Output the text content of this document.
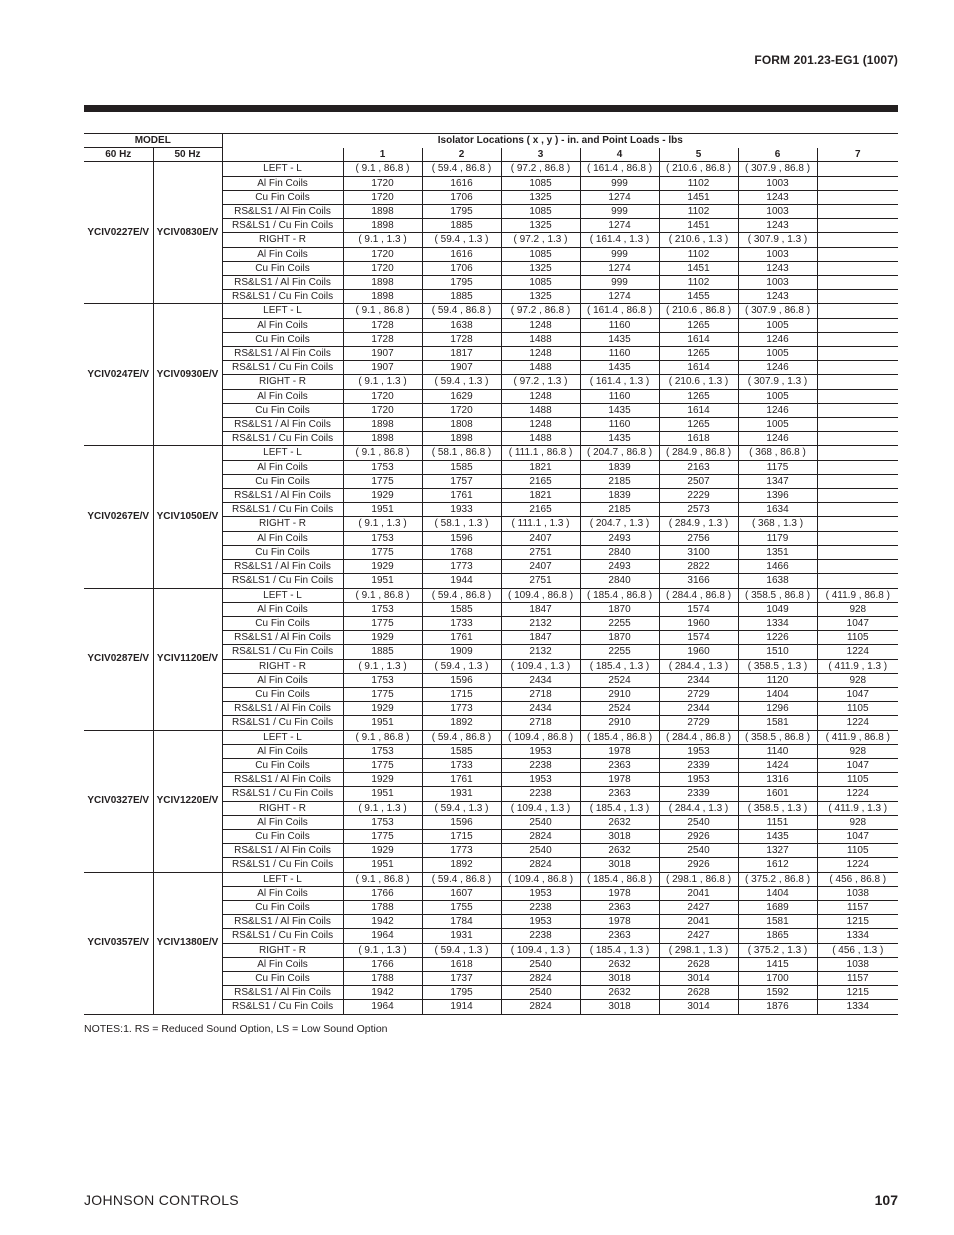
FORM 201.23-EG1 (1007)
MODEL		Isolator Locations ( x , y ) - in. and Point Loads - lbs							
60 Hz	50 Hz		1	2	3	4	5	6	7
YCIV0227E/V	YCIV0830E/V	LEFT - L	( 9.1 , 86.8 )	( 59.4 , 86.8 )	( 97.2 , 86.8 )	( 161.4 , 86.8 )	( 210.6 , 86.8 )	( 307.9 , 86.8 )	
		Al Fin Coils	1720	1616	1085	999	1102	1003	
		Cu Fin Coils	1720	1706	1325	1274	1451	1243	
		RS&LS1 / Al Fin Coils	1898	1795	1085	999	1102	1003	
		RS&LS1 / Cu Fin Coils	1898	1885	1325	1274	1451	1243	
		RIGHT - R	( 9.1 , 1.3 )	( 59.4 , 1.3 )	( 97.2 , 1.3 )	( 161.4 , 1.3 )	( 210.6 , 1.3 )	( 307.9 , 1.3 )	
		Al Fin Coils	1720	1616	1085	999	1102	1003	
		Cu Fin Coils	1720	1706	1325	1274	1451	1243	
		RS&LS1 / Al Fin Coils	1898	1795	1085	999	1102	1003	
		RS&LS1 / Cu Fin Coils	1898	1885	1325	1274	1455	1243	
YCIV0247E/V	YCIV0930E/V	LEFT - L	( 9.1 , 86.8 )	( 59.4 , 86.8 )	( 97.2 , 86.8 )	( 161.4 , 86.8 )	( 210.6 , 86.8 )	( 307.9 , 86.8 )	
		Al Fin Coils	1728	1638	1248	1160	1265	1005	
		Cu Fin Coils	1728	1728	1488	1435	1614	1246	
		RS&LS1 / Al Fin Coils	1907	1817	1248	1160	1265	1005	
		RS&LS1 / Cu Fin Coils	1907	1907	1488	1435	1614	1246	
		RIGHT - R	( 9.1 , 1.3 )	( 59.4 , 1.3 )	( 97.2 , 1.3 )	( 161.4 , 1.3 )	( 210.6 , 1.3 )	( 307.9 , 1.3 )	
		Al Fin Coils	1720	1629	1248	1160	1265	1005	
		Cu Fin Coils	1720	1720	1488	1435	1614	1246	
		RS&LS1 / Al Fin Coils	1898	1808	1248	1160	1265	1005	
		RS&LS1 / Cu Fin Coils	1898	1898	1488	1435	1618	1246	
YCIV0267E/V	YCIV1050E/V	LEFT - L	( 9.1 , 86.8 )	( 58.1 , 86.8 )	( 111.1 , 86.8 )	( 204.7 , 86.8 )	( 284.9 , 86.8 )	( 368 , 86.8 )	
		Al Fin Coils	1753	1585	1821	1839	2163	1175	
		Cu Fin Coils	1775	1757	2165	2185	2507	1347	
		RS&LS1 / Al Fin Coils	1929	1761	1821	1839	2229	1396	
		RS&LS1 / Cu Fin Coils	1951	1933	2165	2185	2573	1634	
		RIGHT - R	( 9.1 , 1.3 )	( 58.1 , 1.3 )	( 111.1 , 1.3 )	( 204.7 , 1.3 )	( 284.9 , 1.3 )	( 368 , 1.3 )	
		Al Fin Coils	1753	1596	2407	2493	2756	1179	
		Cu Fin Coils	1775	1768	2751	2840	3100	1351	
		RS&LS1 / Al Fin Coils	1929	1773	2407	2493	2822	1466	
		RS&LS1 / Cu Fin Coils	1951	1944	2751	2840	3166	1638	
YCIV0287E/V	YCIV1120E/V	LEFT - L	( 9.1 , 86.8 )	( 59.4 , 86.8 )	( 109.4 , 86.8 )	( 185.4 , 86.8 )	( 284.4 , 86.8 )	( 358.5 , 86.8 )	( 411.9 , 86.8 )
		Al Fin Coils	1753	1585	1847	1870	1574	1049	928
		Cu Fin Coils	1775	1733	2132	2255	1960	1334	1047
		RS&LS1 / Al Fin Coils	1929	1761	1847	1870	1574	1226	1105
		RS&LS1 / Cu Fin Coils	1885	1909	2132	2255	1960	1510	1224
		RIGHT - R	( 9.1 , 1.3 )	( 59.4 , 1.3 )	( 109.4 , 1.3 )	( 185.4 , 1.3 )	( 284.4 , 1.3 )	( 358.5 , 1.3 )	( 411.9 , 1.3 )
		Al Fin Coils	1753	1596	2434	2524	2344	1120	928
		Cu Fin Coils	1775	1715	2718	2910	2729	1404	1047
		RS&LS1 / Al Fin Coils	1929	1773	2434	2524	2344	1296	1105
		RS&LS1 / Cu Fin Coils	1951	1892	2718	2910	2729	1581	1224
YCIV0327E/V	YCIV1220E/V	LEFT - L	( 9.1 , 86.8 )	( 59.4 , 86.8 )	( 109.4 , 86.8 )	( 185.4 , 86.8 )	( 284.4 , 86.8 )	( 358.5 , 86.8 )	( 411.9 , 86.8 )
		Al Fin Coils	1753	1585	1953	1978	1953	1140	928
		Cu Fin Coils	1775	1733	2238	2363	2339	1424	1047
		RS&LS1 / Al Fin Coils	1929	1761	1953	1978	1953	1316	1105
		RS&LS1 / Cu Fin Coils	1951	1931	2238	2363	2339	1601	1224
		RIGHT - R	( 9.1 , 1.3 )	( 59.4 , 1.3 )	( 109.4 , 1.3 )	( 185.4 , 1.3 )	( 284.4 , 1.3 )	( 358.5 , 1.3 )	( 411.9 , 1.3 )
		Al Fin Coils	1753	1596	2540	2632	2540	1151	928
		Cu Fin Coils	1775	1715	2824	3018	2926	1435	1047
		RS&LS1 / Al Fin Coils	1929	1773	2540	2632	2540	1327	1105
		RS&LS1 / Cu Fin Coils	1951	1892	2824	3018	2926	1612	1224
YCIV0357E/V	YCIV1380E/V	LEFT - L	( 9.1 , 86.8 )	( 59.4 , 86.8 )	( 109.4 , 86.8 )	( 185.4 , 86.8 )	( 298.1 , 86.8 )	( 375.2 , 86.8 )	( 456 , 86.8 )
		Al Fin Coils	1766	1607	1953	1978	2041	1404	1038
		Cu Fin Coils	1788	1755	2238	2363	2427	1689	1157
		RS&LS1 / Al Fin Coils	1942	1784	1953	1978	2041	1581	1215
		RS&LS1 / Cu Fin Coils	1964	1931	2238	2363	2427	1865	1334
		RIGHT - R	( 9.1 , 1.3 )	( 59.4 , 1.3 )	( 109.4 , 1.3 )	( 185.4 , 1.3 )	( 298.1 , 1.3 )	( 375.2 , 1.3 )	( 456 , 1.3 )
		Al Fin Coils	1766	1618	2540	2632	2628	1415	1038
		Cu Fin Coils	1788	1737	2824	3018	3014	1700	1157
		RS&LS1 / Al Fin Coils	1942	1795	2540	2632	2628	1592	1215
		RS&LS1 / Cu Fin Coils	1964	1914	2824	3018	3014	1876	1334
NOTES:1. RS = Reduced Sound Option, LS = Low Sound Option
JOHNSON CONTROLS	107
